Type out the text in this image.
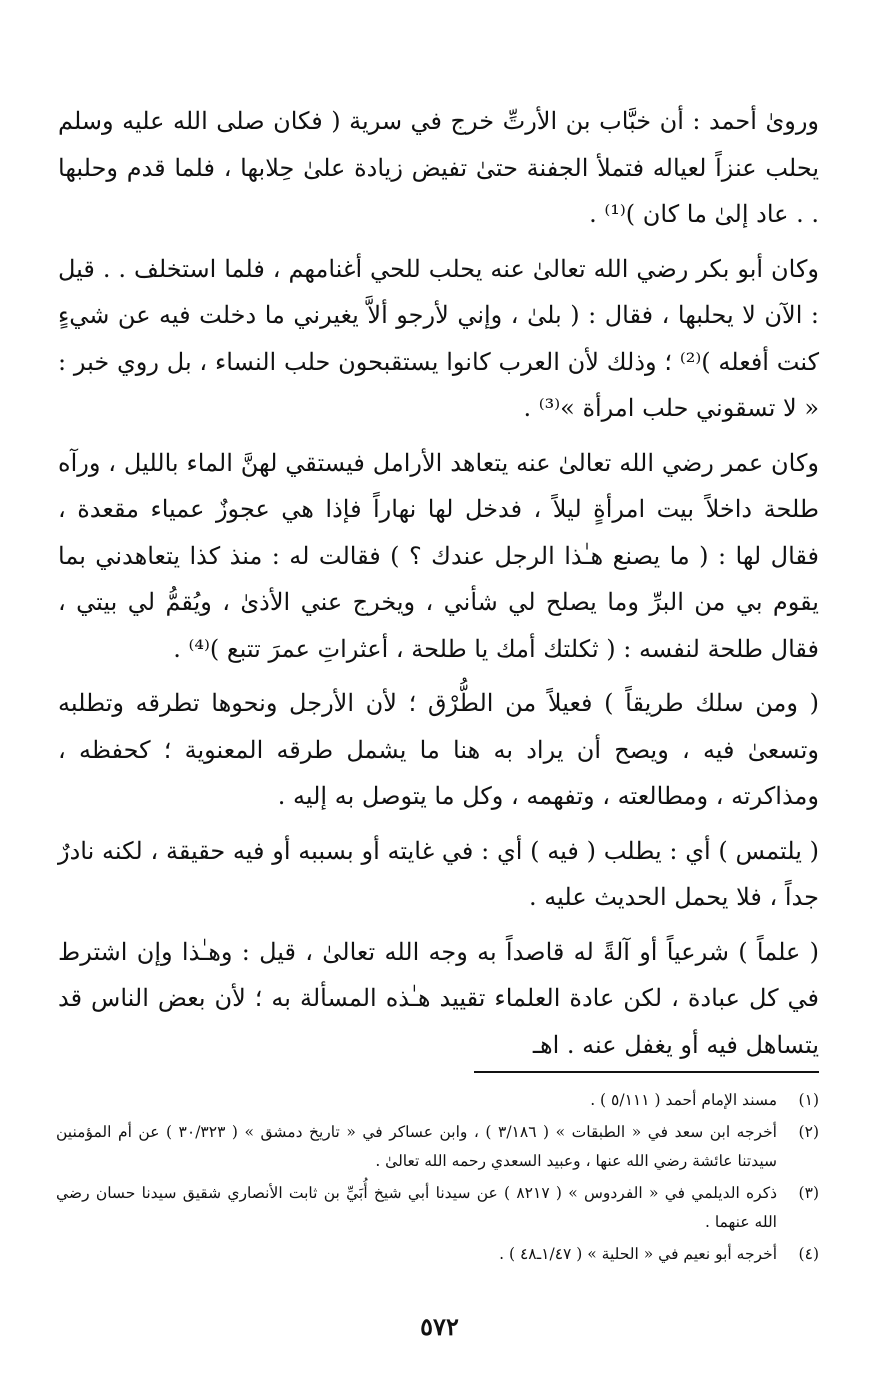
وروىٰ أحمد : أن خبَّاب بن الأرتِّ خرج في سرية ( فكان صلى الله عليه وسلم يحلب عنزاً لعياله فتملأ الجفنة حتىٰ تفيض زيادة علىٰ حِلابها ، فلما قدم وحلبها . . عاد إلىٰ ما كان )⁽¹⁾ .

وكان أبو بكر رضي الله تعالىٰ عنه يحلب للحي أغنامهم ، فلما استخلف . . قيل : الآن لا يحلبها ، فقال : ( بلىٰ ، وإني لأرجو ألاَّ يغيرني ما دخلت فيه عن شيءٍ كنت أفعله )⁽²⁾ ؛ وذلك لأن العرب كانوا يستقبحون حلب النساء ، بل روي خبر : « لا تسقوني حلب امرأة »⁽³⁾ .

وكان عمر رضي الله تعالىٰ عنه يتعاهد الأرامل فيستقي لهنَّ الماء بالليل ، ورآه طلحة داخلاً بيت امرأةٍ ليلاً ، فدخل لها نهاراً فإذا هي عجوزٌ عمياء مقعدة ، فقال لها : ( ما يصنع هـٰذا الرجل عندك ؟ ) فقالت له : منذ كذا يتعاهدني بما يقوم بي من البرِّ وما يصلح لي شأني ، ويخرج عني الأذىٰ ، ويُقمُّ لي بيتي ، فقال طلحة لنفسه : ( ثكلتك أمك يا طلحة ، أعثراتِ عمرَ تتبع )⁽⁴⁾ .

( ومن سلك طريقاً ) فعيلاً من الطُّرْق ؛ لأن الأرجل ونحوها تطرقه وتطلبه وتسعىٰ فيه ، ويصح أن يراد به هنا ما يشمل طرقه المعنوية ؛ كحفظه ، ومذاكرته ، ومطالعته ، وتفهمه ، وكل ما يتوصل به إليه .

( يلتمس ) أي : يطلب ( فيه ) أي : في غايته أو بسببه أو فيه حقيقة ، لكنه نادرٌ جداً ، فلا يحمل الحديث عليه .

( علماً ) شرعياً أو آلةً له قاصداً به وجه الله تعالىٰ ، قيل : وهـٰذا وإن اشترط في كل عبادة ، لكن عادة العلماء تقييد هـٰذه المسألة به ؛ لأن بعض الناس قد يتساهل فيه أو يغفل عنه . اهـ

(١)
مسند الإمام أحمد ( ٥/١١١ ) .
(٢)
أخرجه ابن سعد في « الطبقات » ( ٣/١٨٦ ) ، وابن عساكر في « تاريخ دمشق » ( ٣٠/٣٢٣ ) عن أم المؤمنين سيدتنا عائشة رضي الله عنها ، وعبيد السعدي رحمه الله تعالىٰ .
(٣)
ذكره الديلمي في « الفردوس » ( ٨٢١٧ ) عن سيدنا أبي شيخ أُبَيِّ بن ثابت الأنصاري شقيق سيدنا حسان رضي الله عنهما .
(٤)
أخرجه أبو نعيم في « الحلية » ( ١/٤٧ـ٤٨ ) .
٥٧٢
